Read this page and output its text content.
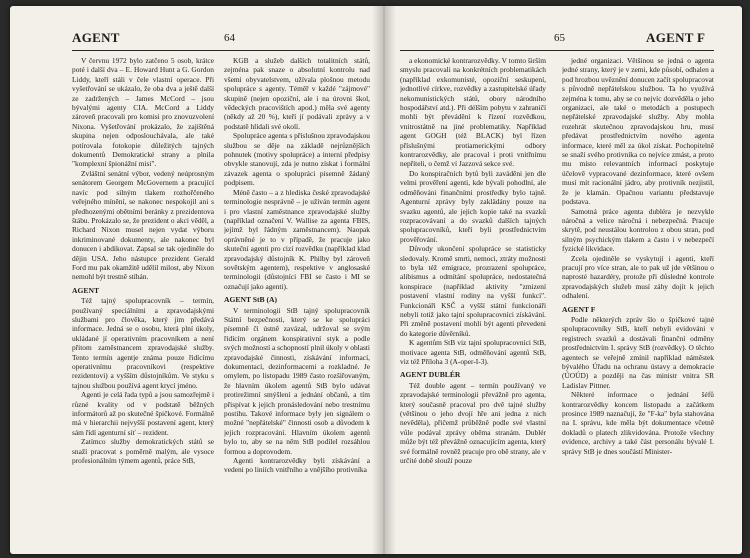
AGENT	64

V červnu 1972 bylo zatčeno 5 osob, krátce poté i další dva – E. Howard Hunt a G. Gordon Liddy, kteří stáli v čele vlastní operace. Při vyšetřování se ukázalo, že oba dva a ještě další ze zadržených – James McCord – jsou bývalými agenty CIA. McCord a Liddy zároveň pracovali pro komisi pro znovuzvolení Nixona. Vyšetřování prokázalo, že zajištěná skupina nejen odposlouchávala, ale také potírovala fotokopie důležitých tajných dokumentů Demokratické strany a plnila "komplexní špionážní misi".

Zvláštní senátní výbor, vedený neúprosným senátorem Georgem McGovernem a pracující navíc pod silným tlakem rozhořčeného veřejného mínění, se nakonec nespokojil ani s předhozenými obětními beránky z prezidentova štábu. Prokázalo se, že prezident o akci věděl, a Richard Nixon musel nejen vydat výboru inkriminované dokumenty, ale nakonec byl donucen i abdikovat. Zapsal se tak ojediněle do dějin USA. Jeho nástupce prezident Gerald Ford mu pak okamžitě udělil milost, aby Nixon nemohl být trestně stíhán.

AGENT

Též tajný spolupracovník – termín, používaný speciálními a zpravodajskými službami pro člověka, který jim předává informace. Jedná se o osobu, která plní úkoly, ukládané jí operativním pracovníkem a není přitom zaměstnancem zpravodajské služby. Tento termín agentje známa pouze řídícímu operativnímu pracovníkovi (respektive rezidentovi) a vyšším důstojníkům. Ve styku s tajnou službou používá agent krycí jméno.

Agenti je celá řada typů a jsou samozřejmě i různé kvality od v podstatě běžných informátorů až po skutečné špičkové. Formálně má v hierarchii nejvyšší postavení agent, který sám řídí agenturní síť – rezident.

Zatímco služby demokratických států se snaží pracovat s poměrně malým, ale vysoce profesionálním týmem agentů, práce StB,

KGB a služeb dalších totalitních států, zejména pak snaze o absolutní kontrolu nad všemi obyvatelstvem, užívala plošnou metodu spolupráce s agenty. Téměř v každé "zájmové" skupině (nejen opoziční, ale i na úrovni škol, vědeckých pracovištích apod.) měla své agenty (někdy až 20 %), kteří jí podávali zprávy a v podstatě hlídali své okolí.

Spolupráce agenta s příslušnou zpravodajskou službou se děje na základě nejrůznějších pohnutek (motivy spolupráce) a interní předpisy obvykle stanovují, zda je nutno získat i formální závazek agenta o spolupráci písemně žádaný podpisem.

Méně často – a z hlediska české zpravodajské terminologie nesprávně – je užíván termín agent i pro vlastní zaměstnance zpravodajské služby (například označení V. Wallise za agenta FBIS, jejímž byl řádným zaměstnancem). Naopak oprávněné je to v případě, že pracuje jako skuteční agenti pro cizí rozvědku (například klad zpravodajský důstojník K. Philby byl zároveň sovětským agentem), respektive v anglosaské terminologii (důstojníci FBI se často i MI se označují jako agenti).

AGENT StB (A)

V terminologii StB tajný spolupracovník Státní bezpečnosti, který se ke spolupráci písemně či ústně zavázal, udržoval se svým řídícím orgánem konspirativní styk a podle svých možností a schopností plnil úkoly v oblasti zpravodajské činnosti, získávání informací, dokumentací, dezinformacemi a rozkladné. Je omylem, po listopadu 1989 často rozšiřovaným, že hlavním úkolem agentů StB bylo udávat protirežimní smýšlení a jednání občanů, a tím přispívat k jejich pronásledování nebo trestnímu postihu. Takové informace byly jen signálem o možné "nepřátelské" činnosti osob a důvodem k jejich rozpracování. Hlavním úkolem agentů bylo to, aby se na něm StB podílel rozsáhlou formou a doprovodem.

Agenti kontrarozvědky byli získávání a vedeni po liniích vnitřního a vnějšího protivníka

65	AGENT F

a ekonomické kontrarozvědky. V tomto širším smyslu pracovali na konkrétních problematikách (například exkomunisté, opoziční seskupení, jednotlivé církve, rozvědky a zastupitelské úřady nekomunistických států, obory národního hospodářství atd.). Při délším pobytu v zahraničí mohli být převádění k řízení rozvědkou, vnitrostátně na jiné problematiky. Například agent GOGH (též BLACK) byl řízen příslušnými protiamerickými odbory kontrarozvědky, ale pracoval i proti vnitřnímu nepříteli, o čemž ví Jazzová sekce své.

Do konspiračních bytů byli zaváděni jen dle velmi prověření agenti, kde bývali pohodlní, ale odměňováni finančními prostředky bylo tajně. Agenturní zprávy byly zaklädány pouze na svazku agentů, ale jejich kopie také na svazků rozpracovávaní a do svazků dalších tajných spolupracovníků, kteří byli prostřednictvím prověřování.

Důvody ukončení spolupráce se statisticky sledovaly. Kromě smrti, nemoci, ztráty možnosti to byla též emigrace, prozrazení spolupráce, alibismus a odmítání spolupráce, nedostatečná konspirace (například aktivity "zmizení postavení vlastní rodiny na vyšší funkci". Funkcionáři KSČ a vyšší státní funkcionáři nebyli totiž jako tajní spolupracovníci získávání. Při změně postavení mohli být agenti převedeni do kategorie důvěrníků.

K agentům StB viz tajní spolupracovníci StB, motivace agenta StB, odměňování agentů StB, viz též Příloha 3 (A-oper-I-3).

AGENT DUBLÉR

Též double agent – termín používaný ve zpravodajské terminologii převážně pro agenta, který současně pracoval pro dvě tajné služby (většinou o jeho dvojí hře ani jedna z nich nevěděla), přičemž průběžně podle své vlastní vůle podával zprávy oběma stranám. Dublér může být též převážně oznacujícím agenta, který své formálně rovněž pracuje pro obě strany, ale v určité době slouží pouze

jedné organizaci. Většinou se jedná o agenta jedné strany, který je v zemi, kde působí, odhalen a pod hrozbou uvěznění donucen začít spolupracovat s původně nepřátelskou službou. Ta ho využívá zejména k tomu, aby se co nejvíc dozvěděla o jeho organizaci, ale také o metodách a postupech nepřátelské zpravodajské služby. Aby mohla rozehrát skutečnou zpravodajskou hru, musí předávat prostřednictvím nového agenta informace, které měl za úkol získat. Pochopitelně se snaží svého protivníka co nejvíce zmást, a proto mu místo relevantních informací poskytuje účelově vypracované dezinformace, které ovšem musí mít racionální jádro, aby protivník nezjistil, že je klamán. Opačnou variantu představuje podstava.

Samotná práce agenta dubléra je nezvykle náročná a velice náročná i nebezpečná. Pracuje skrytě, pod neustálou kontrolou z obou stran, pod silným psychickým tlakem a často i v nebezpečí fyzické likvidace.

Zcela ojediněle se vyskytují i agenti, kteří pracují pro více stran, ale to pak už jde většinou o naprosté hazardéry, protože při důsledné kontrole zpravodajských služeb musí záhy dojít k jejich odhalení.

AGENT F

Podle některých zpráv šlo o špičkové tajné spolupracovníky StB, kteří nebyli evidováni v registrech svazků a dostávali finanční odměny prostřednictvím I. správy StB (rozvědky). O těchto agentech se veřejně zmínil například náměstek bývalého Úřadu na ochranu ústavy a demokracie (ÚOÚD) a později na čas ministr vnitra SR Ladislav Pittner.

Některé informace o jednání šéfů kontrarozvědky koncem listopadu a začátkem prosince 1989 naznačují, že "F-ka" byla stahována na I. správu, kde měla být dokumentace včetně dokladů o platech zlikvidována. Protože všechny evidence, archivy a také část personálu bývalé I. správy StB je dnes součástí Minister-
